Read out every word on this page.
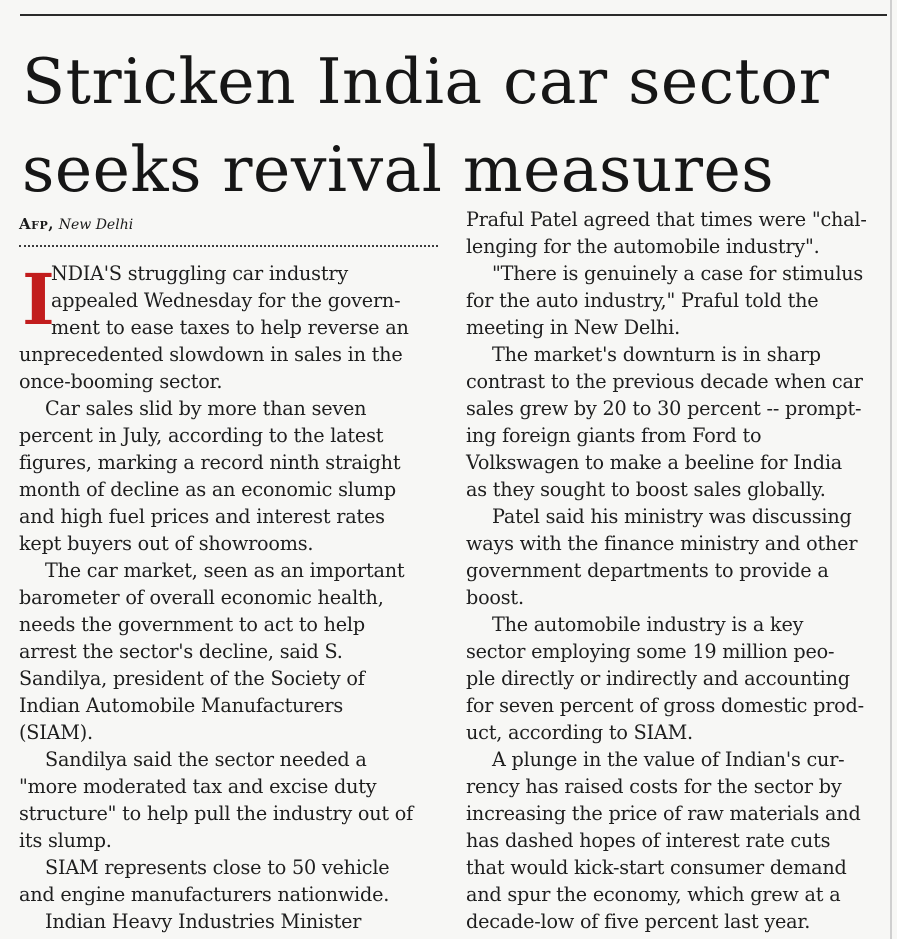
Stricken India car sector
seeks revival measures
Afp, New Delhi
I
NDIA'S struggling car industry
appealed Wednesday for the govern-
ment to ease taxes to help reverse an
unprecedented slowdown in sales in the
once-booming sector.
Car sales slid by more than seven
percent in July, according to the latest
figures, marking a record ninth straight
month of decline as an economic slump
and high fuel prices and interest rates
kept buyers out of showrooms.
The car market, seen as an important
barometer of overall economic health,
needs the government to act to help
arrest the sector's decline, said S.
Sandilya, president of the Society of
Indian Automobile Manufacturers
(SIAM).
Sandilya said the sector needed a
"more moderated tax and excise duty
structure" to help pull the industry out of
its slump.
SIAM represents close to 50 vehicle
and engine manufacturers nationwide.
Indian Heavy Industries Minister
Praful Patel agreed that times were "chal-
lenging for the automobile industry".
"There is genuinely a case for stimulus
for the auto industry," Praful told the
meeting in New Delhi.
The market's downturn is in sharp
contrast to the previous decade when car
sales grew by 20 to 30 percent -- prompt-
ing foreign giants from Ford to
Volkswagen to make a beeline for India
as they sought to boost sales globally.
Patel said his ministry was discussing
ways with the finance ministry and other
government departments to provide a
boost.
The automobile industry is a key
sector employing some 19 million peo-
ple directly or indirectly and accounting
for seven percent of gross domestic prod-
uct, according to SIAM.
A plunge in the value of Indian's cur-
rency has raised costs for the sector by
increasing the price of raw materials and
has dashed hopes of interest rate cuts
that would kick-start consumer demand
and spur the economy, which grew at a
decade-low of five percent last year.
